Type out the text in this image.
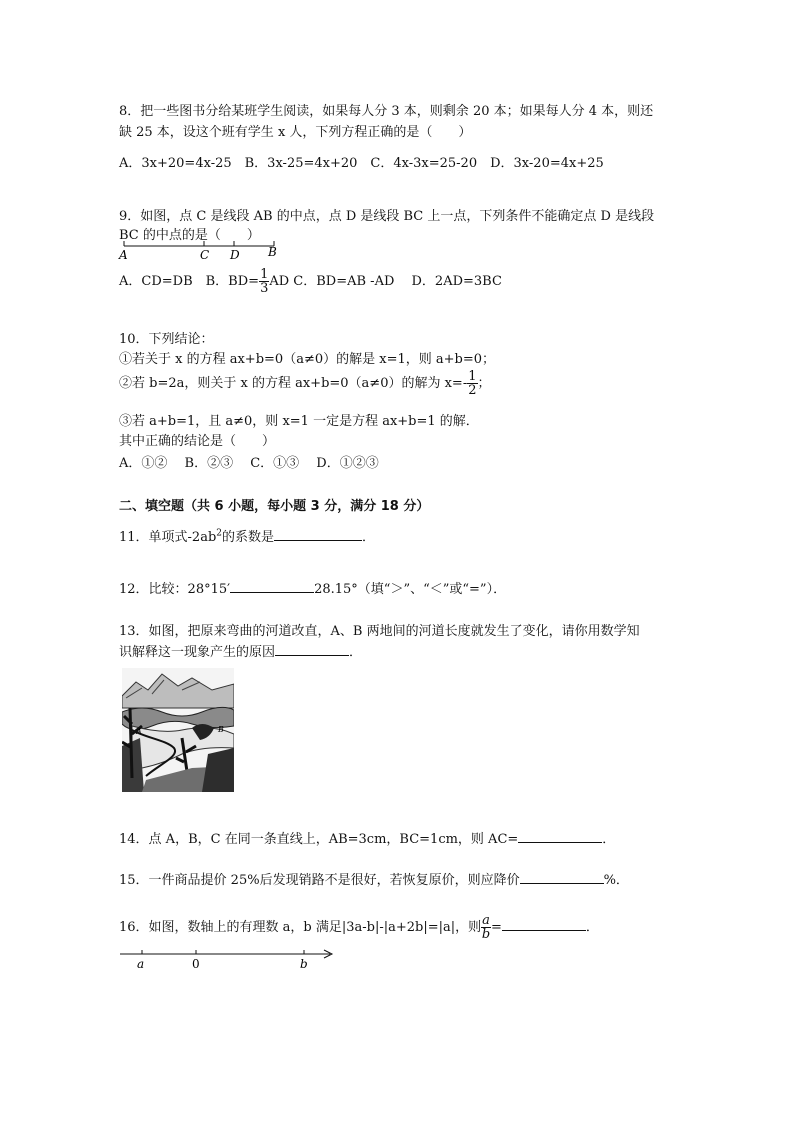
8．把一些图书分给某班学生阅读，如果每人分 3 本，则剩余 20 本；如果每人分 4 本，则还
缺 25 本，设这个班有学生 x 人，下列方程正确的是（　　）
A．3x+20=4x-25　B．3x-25=4x+20　C．4x-3x=25-20　D．3x-20=4x+25
9．如图，点 C 是线段 AB 的中点，点 D 是线段 BC 上一点，下列条件不能确定点 D 是线段
BC 的中点的是（　　）
A	C D B
A．CD=DB　B．$BD= \frac{1}{3}$ AD C．BD=AB -AD　 D．2AD=3BC
10．下列结论：
①若关于 x 的方程 ax+b=0（a≠0）的解是 x=1，则 a+b=0；
②若 b=2a，则关于 x 的方程 ax+b=0（a≠0）的解为 $x=- \frac{1}{2}$ ；
③若 a+b=1，且 a≠0，则 x=1 一定是方程 ax+b=1 的解．
其中正确的结论是（　　）
A．①②　 B．②③　 C．①③　 D．①②③
二、填空题（共 6 小题，每小题 3 分，满分 18 分）
11．单项式$-2ab^2$的系数是	．
12．比较：28°15′	28.15°（填“＞”、“＜”或“=”）．
13．如图，把原来弯曲的河道改直，A、B 两地间的河道长度就发生了变化，请你用数学知
识解释这一现象产生的原因	．
A	B
14．点 A，B，C 在同一条直线上，AB=3cm，BC=1cm，则 AC=	．
15．一件商品提价 25%后发现销路不是很好，若恢复原价，则应降价	%．
16．如图，数轴上的有理数 a，b 满足|3a-b|-|a+2b|=|a|，则 $\frac{a}{b}$ =	．
a	0	b
